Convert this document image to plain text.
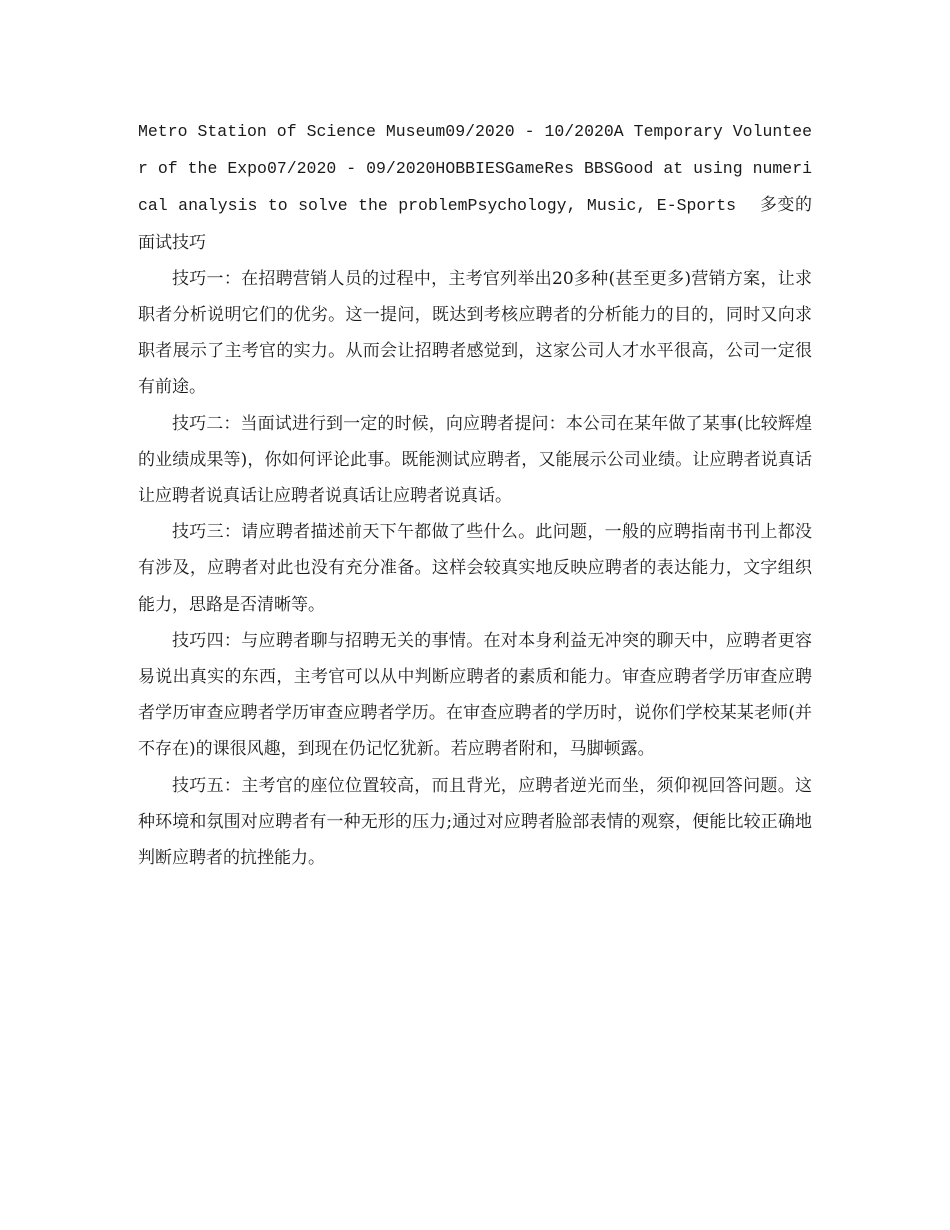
Metro Station of Science Museum09/2020 - 10/2020A Temporary Volunteer of the Expo07/2020 - 09/2020HOBBIESGameRes BBSGood at using numerical analysis to solve the problemPsychology, Music, E-Sports 多变的面试技巧

技巧一：在招聘营销人员的过程中，主考官列举出20多种(甚至更多)营销方案，让求职者分析说明它们的优劣。这一提问，既达到考核应聘者的分析能力的目的，同时又向求职者展示了主考官的实力。从而会让招聘者感觉到，这家公司人才水平很高，公司一定很有前途。

技巧二：当面试进行到一定的时候，向应聘者提问：本公司在某年做了某事(比较辉煌的业绩成果等)，你如何评论此事。既能测试应聘者，又能展示公司业绩。让应聘者说真话让应聘者说真话让应聘者说真话让应聘者说真话。

技巧三：请应聘者描述前天下午都做了些什么。此问题，一般的应聘指南书刊上都没有涉及，应聘者对此也没有充分准备。这样会较真实地反映应聘者的表达能力，文字组织能力，思路是否清晰等。

技巧四：与应聘者聊与招聘无关的事情。在对本身利益无冲突的聊天中，应聘者更容易说出真实的东西，主考官可以从中判断应聘者的素质和能力。审查应聘者学历审查应聘者学历审查应聘者学历审查应聘者学历。在审查应聘者的学历时，说你们学校某某老师(并不存在)的课很风趣，到现在仍记忆犹新。若应聘者附和，马脚顿露。

技巧五：主考官的座位位置较高，而且背光，应聘者逆光而坐，须仰视回答问题。这种环境和氛围对应聘者有一种无形的压力;通过对应聘者脸部表情的观察，便能比较正确地判断应聘者的抗挫能力。
